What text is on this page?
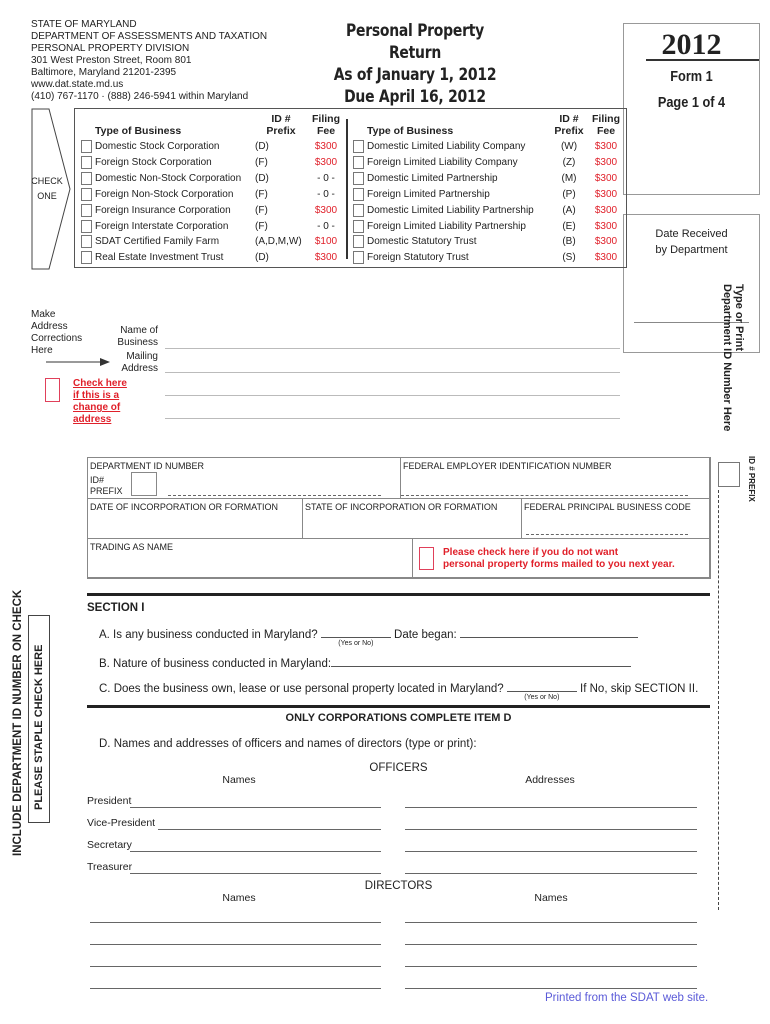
STATE OF MARYLAND
DEPARTMENT OF ASSESSMENTS AND TAXATION
PERSONAL PROPERTY DIVISION
301 West Preston Street, Room 801
Baltimore, Maryland 21201-2395
www.dat.state.md.us
(410) 767-1170 · (888) 246-5941 within Maryland
Personal Property Return
As of January 1, 2012
Due April 16, 2012
2012
Form 1
Page 1 of 4
Date Received
by Department
CHECK
ONE
Type of Business
ID #
Prefix
Filing
Fee	Type of Business
ID #
Prefix
Filing
Fee
Domestic Stock Corporation	(D)	$300
Foreign Stock Corporation	(F)	$300
Domestic Non-Stock Corporation (D)	- 0 -
Foreign Non-Stock Corporation (F)	- 0 -
Foreign Insurance Corporation (F)	$300
Foreign Interstate Corporation	(F)	- 0 -
SDAT Certified Family Farm	(A,D,M,W)	$100
Real Estate Investment Trust	(D)	$300
Domestic Limited Liability Company	(W)	$300
Foreign Limited Liability Company	(Z)	$300
Domestic Limited Partnership	(M)	$300
Foreign Limited Partnership	(P)	$300
Domestic Limited Liability Partnership	(A)	$300
Foreign Limited Liability Partnership	(E)	$300
Domestic Statutory Trust	(B)	$300
Foreign Statutory Trust	(S)	$300
Make
Address
Corrections
Here
Name of
Business
Mailing
Address
Check here
if this is a
change of
address
Type or Print
Department ID Number Here
ID # PREFIX
DEPARTMENT ID NUMBER
ID#
PREFIX
FEDERAL EMPLOYER IDENTIFICATION NUMBER
DATE OF INCORPORATION OR FORMATION	STATE OF INCORPORATION OR FORMATION	FEDERAL PRINCIPAL BUSINESS CODE
TRADING AS NAME	Please check here if you do not want
personal property forms mailed to you next year.
INCLUDE DEPARTMENT ID NUMBER ON CHECK PLEASE STAPLE CHECK HERE
SECTION I
A. Is any business conducted in Maryland?
(Yes or No)
Date began:
B. Nature of business conducted in Maryland:
C. Does the business own, lease or use personal property located in Maryland?
(Yes or No)
If No, skip SECTION II.
ONLY CORPORATIONS COMPLETE ITEM D
D. Names and addresses of officers and names of directors (type or print):
OFFICERS
Names	Addresses
President
Vice-President
Secretary
Treasurer
DIRECTORS
Names	Names
Printed from the SDAT web site.
